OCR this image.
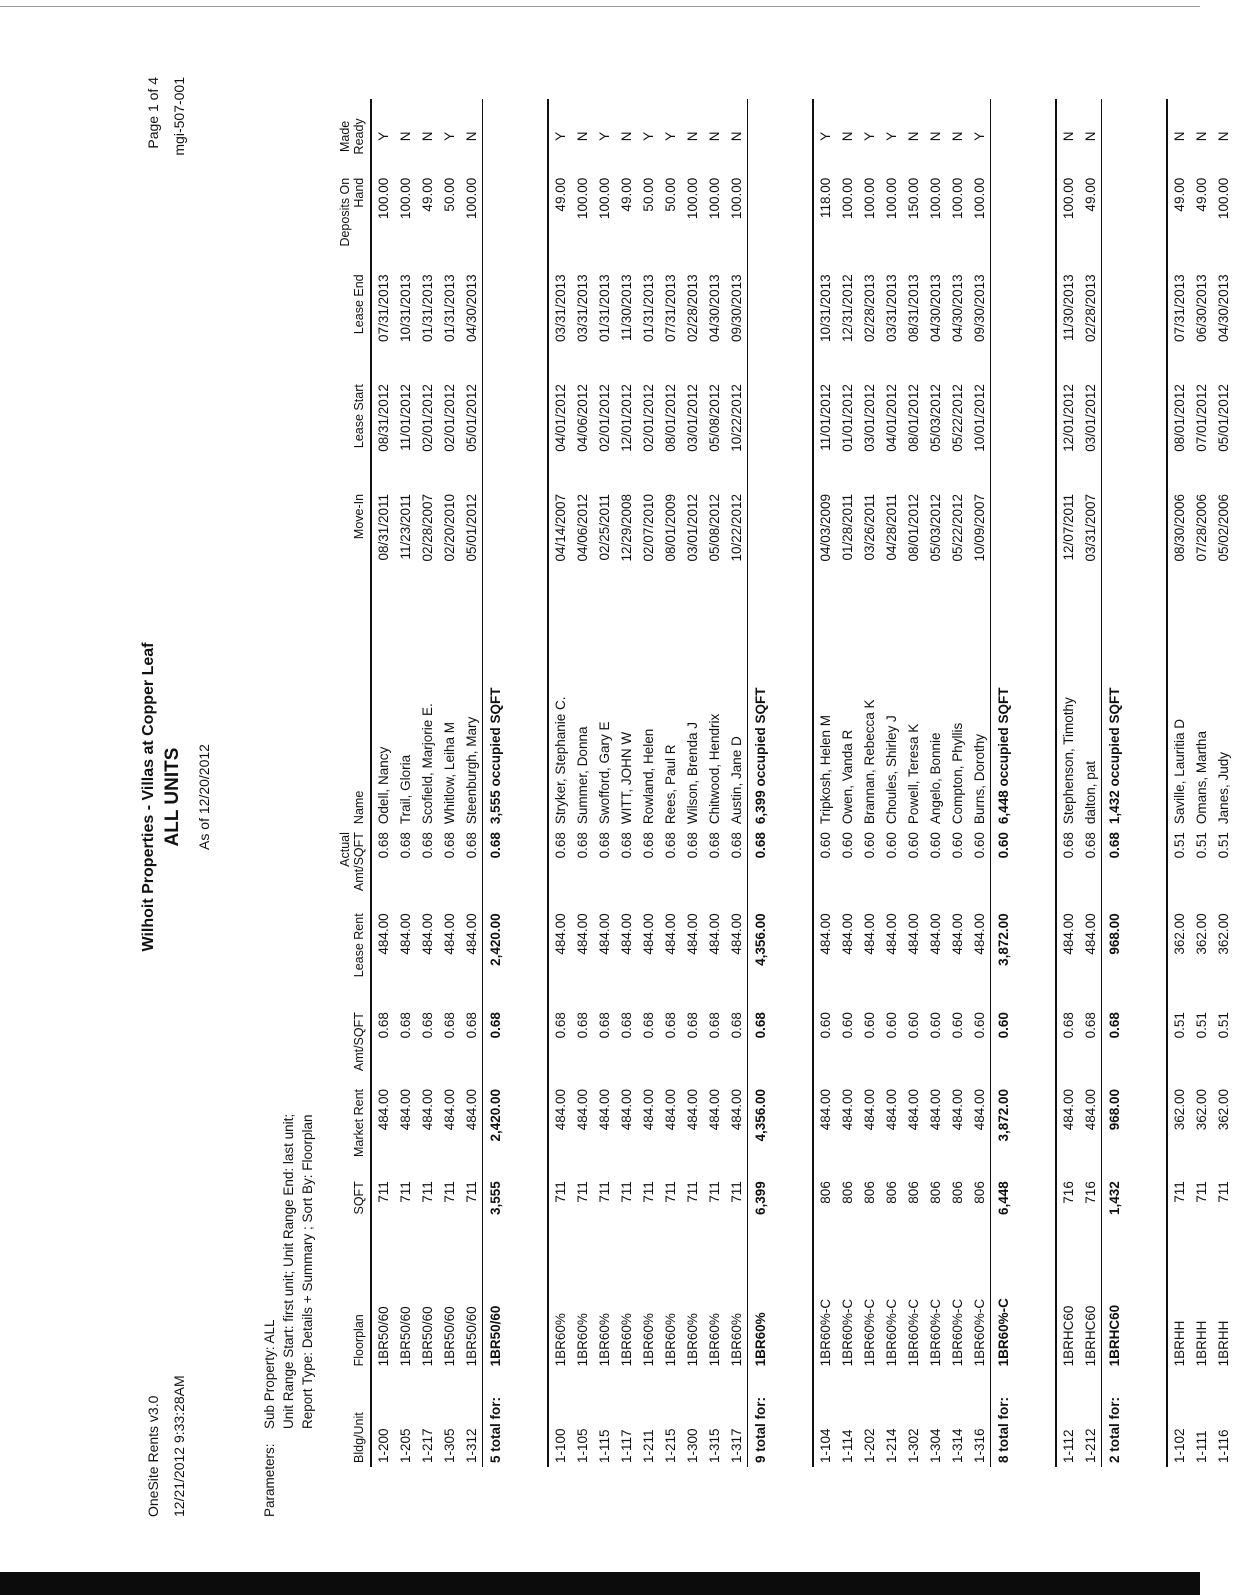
OneSite Rents v3.0 12/21/2012 9:33:28AM
Wilhoit Properties - Villas at Copper Leaf ALL UNITS As of 12/20/2012
Page 1 of 4 mgi-507-001
Parameters:
Sub Property: ALL Unit Range Start: first unit; Unit Range End: last unit; Report Type: Details + Summary ; Sort By: Floorplan
Bldg/Unit	Floorplan	SQFT	Market Rent	Amt/SQFT	Lease Rent	Actual Amt/SQFT	Name	Move-In	Lease Start	Lease End	Deposits On Hand	Made Ready
1-200	1BR50/60	711	484.00	0.68	484.00	0.68	Odell, Nancy	08/31/2011	08/31/2012	07/31/2013	100.00	Y
1-205	1BR50/60	711	484.00	0.68	484.00	0.68	Trail, Gloria	11/23/2011	11/01/2012	10/31/2013	100.00	N
1-217	1BR50/60	711	484.00	0.68	484.00	0.68	Scofield, Marjorie E.	02/28/2007	02/01/2012	01/31/2013	49.00	N
1-305	1BR50/60	711	484.00	0.68	484.00	0.68	Whitlow, Leiha M	02/20/2010	02/01/2012	01/31/2013	50.00	Y
1-312	1BR50/60	711	484.00	0.68	484.00	0.68	Steenburgh, Mary	05/01/2012	05/01/2012	04/30/2013	100.00	N
5 total for:	1BR50/60	3,555	2,420.00	0.68	2,420.00	0.68	3,555 occupied SQFT					

1-100	1BR60%	711	484.00	0.68	484.00	0.68	Stryker, Stephanie C.	04/14/2007	04/01/2012	03/31/2013	49.00	Y
1-105	1BR60%	711	484.00	0.68	484.00	0.68	Summer, Donna	04/06/2012	04/06/2012	03/31/2013	100.00	N
1-115	1BR60%	711	484.00	0.68	484.00	0.68	Swofford, Gary E	02/25/2011	02/01/2012	01/31/2013	100.00	Y
1-117	1BR60%	711	484.00	0.68	484.00	0.68	WITT, JOHN W	12/29/2008	12/01/2012	11/30/2013	49.00	N
1-211	1BR60%	711	484.00	0.68	484.00	0.68	Rowland, Helen	02/07/2010	02/01/2012	01/31/2013	50.00	Y
1-215	1BR60%	711	484.00	0.68	484.00	0.68	Rees, Paul R	08/01/2009	08/01/2012	07/31/2013	50.00	Y
1-300	1BR60%	711	484.00	0.68	484.00	0.68	Wilson, Brenda J	03/01/2012	03/01/2012	02/28/2013	100.00	N
1-315	1BR60%	711	484.00	0.68	484.00	0.68	Chitwood, Hendrix	05/08/2012	05/08/2012	04/30/2013	100.00	N
1-317	1BR60%	711	484.00	0.68	484.00	0.68	Austin, Jane D	10/22/2012	10/22/2012	09/30/2013	100.00	N
9 total for:	1BR60%	6,399	4,356.00	0.68	4,356.00	0.68	6,399 occupied SQFT					

1-104	1BR60%-C	806	484.00	0.60	484.00	0.60	Tripkosh, Helen M	04/03/2009	11/01/2012	10/31/2013	118.00	Y
1-114	1BR60%-C	806	484.00	0.60	484.00	0.60	Owen, Vanda R	01/28/2011	01/01/2012	12/31/2012	100.00	N
1-202	1BR60%-C	806	484.00	0.60	484.00	0.60	Brannan, Rebecca K	03/26/2011	03/01/2012	02/28/2013	100.00	Y
1-214	1BR60%-C	806	484.00	0.60	484.00	0.60	Choules, Shirley J	04/28/2011	04/01/2012	03/31/2013	100.00	Y
1-302	1BR60%-C	806	484.00	0.60	484.00	0.60	Powell, Teresa K	08/01/2012	08/01/2012	08/31/2013	150.00	N
1-304	1BR60%-C	806	484.00	0.60	484.00	0.60	Angelo, Bonnie	05/03/2012	05/03/2012	04/30/2013	100.00	N
1-314	1BR60%-C	806	484.00	0.60	484.00	0.60	Compton, Phyllis	05/22/2012	05/22/2012	04/30/2013	100.00	N
1-316	1BR60%-C	806	484.00	0.60	484.00	0.60	Burns, Dorothy	10/09/2007	10/01/2012	09/30/2013	100.00	Y
8 total for:	1BR60%-C	6,448	3,872.00	0.60	3,872.00	0.60	6,448 occupied SQFT					

1-112	1BRHC60	716	484.00	0.68	484.00	0.68	Stephenson, Timothy	12/07/2011	12/01/2012	11/30/2013	100.00	N
1-212	1BRHC60	716	484.00	0.68	484.00	0.68	dalton, pat	03/31/2007	03/01/2012	02/28/2013	49.00	N
2 total for:	1BRHC60	1,432	968.00	0.68	968.00	0.68	1,432 occupied SQFT					

1-102	1BRHH	711	362.00	0.51	362.00	0.51	Saville, Lauritia D	08/30/2006	08/01/2012	07/31/2013	49.00	N
1-111	1BRHH	711	362.00	0.51	362.00	0.51	Omans, Martha	07/28/2006	07/01/2012	06/30/2013	49.00	N
1-116	1BRHH	711	362.00	0.51	362.00	0.51	Janes, Judy	05/02/2006	05/01/2012	04/30/2013	100.00	N
